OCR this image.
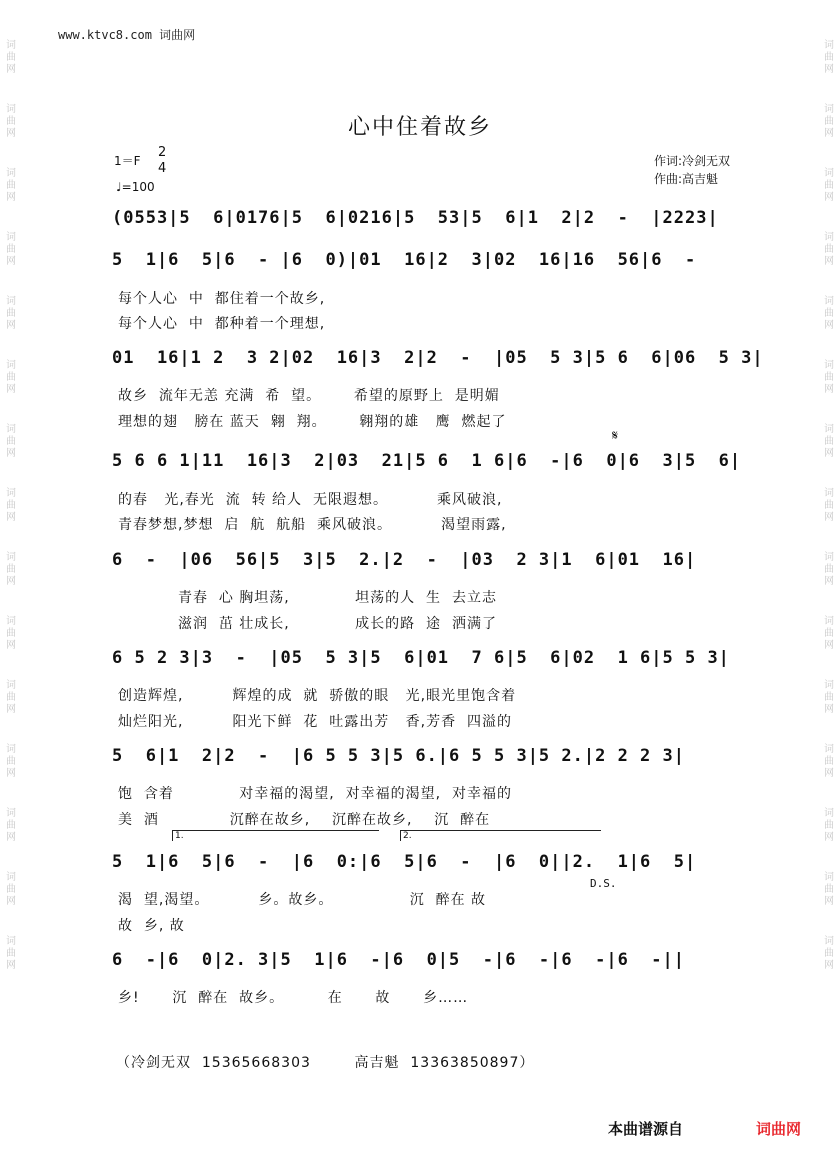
词曲网
词曲网
词曲网
词曲网
词曲网
词曲网
词曲网
词曲网
词曲网
词曲网
词曲网
词曲网
词曲网
词曲网
词曲网
词曲网
词曲网
词曲网
词曲网
词曲网
词曲网
词曲网
词曲网
词曲网
词曲网
词曲网
词曲网
词曲网
词曲网
词曲网
www.ktvc8.com 词曲网
心中住着故乡
1＝F
2
4
♩=100
作词:冷剑无双
作曲:高吉魁
(0553|5  6|0176|5  6|0216|5  53|5  6|1  2|2  -  |2223|
5  1|6  5|6  - |6  0)|01  16|2  3|02  16|16  56|6  -
每个人心  中  都住着一个故乡,
每个人心  中  都种着一个理想,
01  16|1 2  3 2|02  16|3  2|2  -  |05  5 3|5 6  6|06  5 3|
故乡  流年无恙 充满  希  望。      希望的原野上  是明媚
理想的翅   膀在 蓝天  翱  翔。      翱翔的雄   鹰  燃起了
𝄋
5 6 6 1|11  16|3  2|03  21|5 6  1 6|6  -|6  0|6  3|5  6|
的春   光,春光  流  转 给人  无限遐想。         乘风破浪,
青春梦想,梦想  启  航  航船  乘风破浪。         渴望雨露,
6  -  |06  56|5  3|5  2.|2  -  |03  2 3|1  6|01  16|
青春  心 胸坦荡,            坦荡的人  生  去立志
滋润  茁 壮成长,            成长的路  途  洒满了
6 5 2 3|3  -  |05  5 3|5  6|01  7 6|5  6|02  1 6|5 5 3|
创造辉煌,         辉煌的成  就  骄傲的眼   光,眼光里饱含着
灿烂阳光,         阳光下鲜  花  吐露出芳   香,芳香  四溢的
5  6|1  2|2  -  |6 5 5 3|5 6.|6 5 5 3|5 2.|2 2 2 3|
饱  含着            对幸福的渴望,  对幸福的渴望,  对幸福的
美  酒             沉醉在故乡,    沉醉在故乡,    沉  醉在
1.	2.
5  1|6  5|6  -  |6  0:|6  5|6  -  |6  0||2.  1|6  5|
D.S.
渴  望,渴望。         乡。故乡。              沉  醉在 故
故  乡, 故
6  -|6  0|2. 3|5  1|6  -|6  0|5  -|6  -|6  -|6  -||
乡!      沉  醉在  故乡。        在      故      乡……
（冷剑无双  15365668303        高吉魁  13363850897）
本曲谱源自	词曲网
